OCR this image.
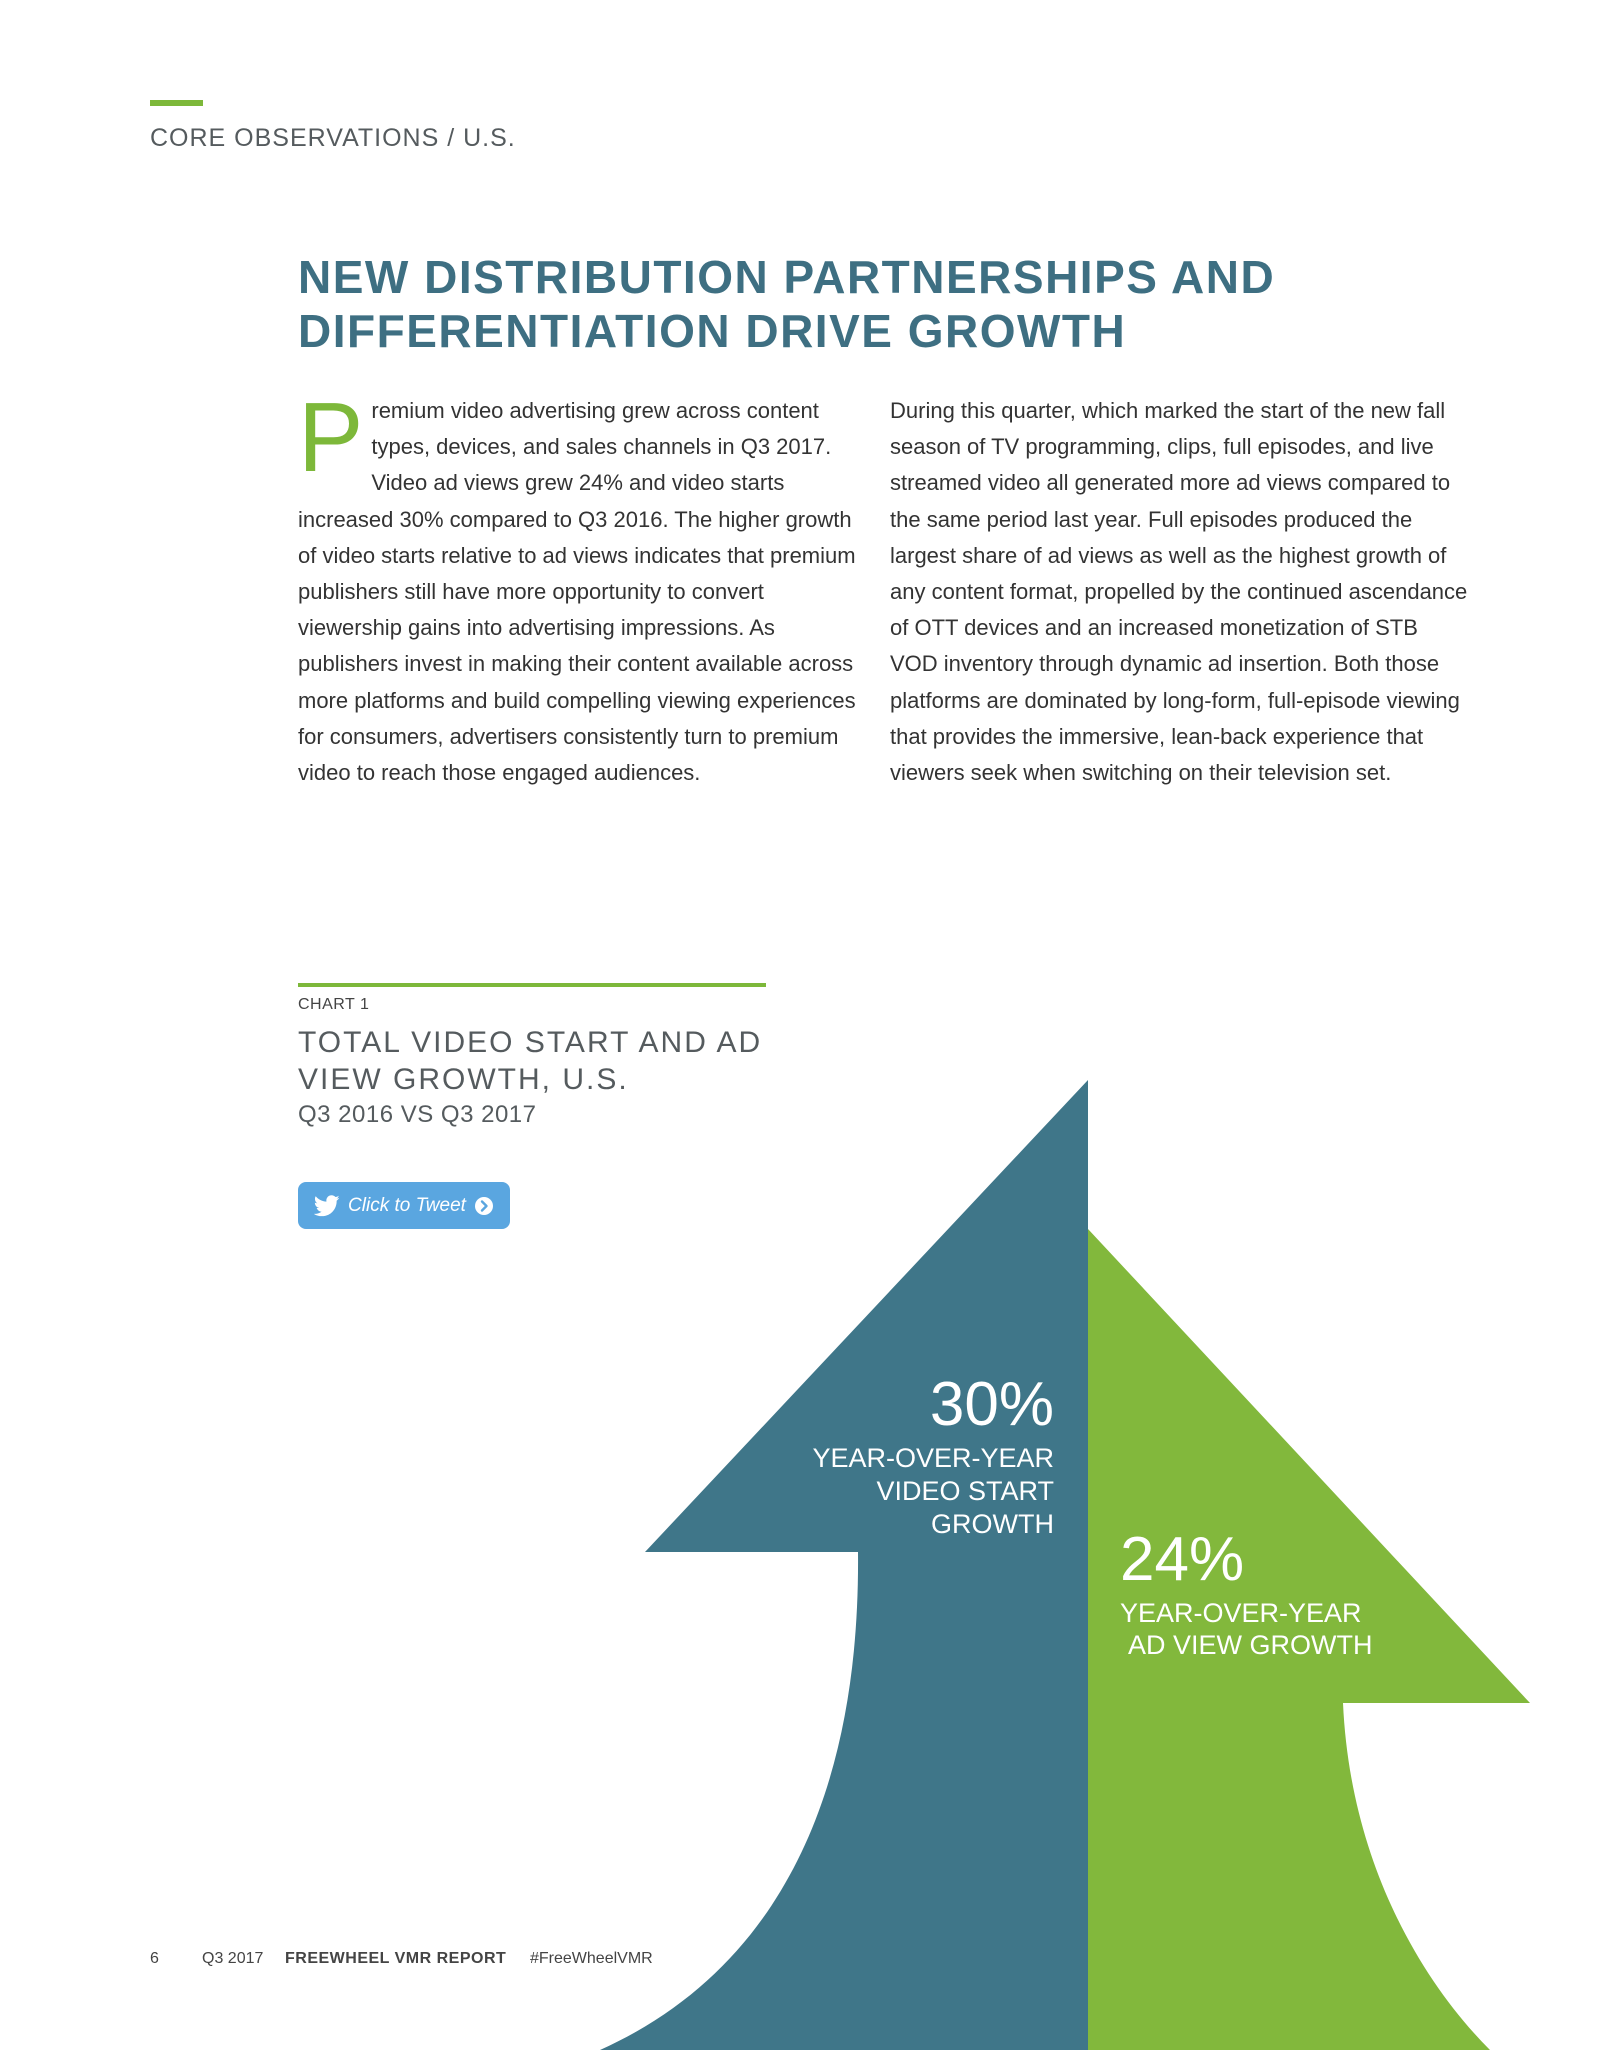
CORE OBSERVATIONS / U.S.
NEW DISTRIBUTION PARTNERSHIPS AND
DIFFERENTIATION DRIVE GROWTH
P remium video advertising grew across content types, devices, and sales channels in Q3 2017. Video ad views grew 24% and video starts increased 30% compared to Q3 2016. The higher growth of video starts relative to ad views indicates that premium publishers still have more opportunity to convert viewership gains into advertising impressions. As publishers invest in making their content available across more platforms and build compelling viewing experiences for consumers, advertisers consistently turn to premium video to reach those engaged audiences.

During this quarter, which marked the start of the new fall season of TV programming, clips, full episodes, and live streamed video all generated more ad views compared to the same period last year. Full episodes produced the largest share of ad views as well as the highest growth of any content format, propelled by the continued ascendance of OTT devices and an increased monetization of STB VOD inventory through dynamic ad insertion. Both those platforms are dominated by long-form, full-episode viewing that provides the immersive, lean-back experience that viewers seek when switching on their television set.

CHART 1
TOTAL VIDEO START AND AD
VIEW GROWTH, U.S.
Q3 2016 VS Q3 2017
Click to Tweet
30%
YEAR-OVER-YEAR
VIDEO START
GROWTH
24%
YEAR-OVER-YEAR
AD VIEW GROWTH
6	Q3 2017 FREEWHEEL VMR REPORT #FreeWheelVMR
